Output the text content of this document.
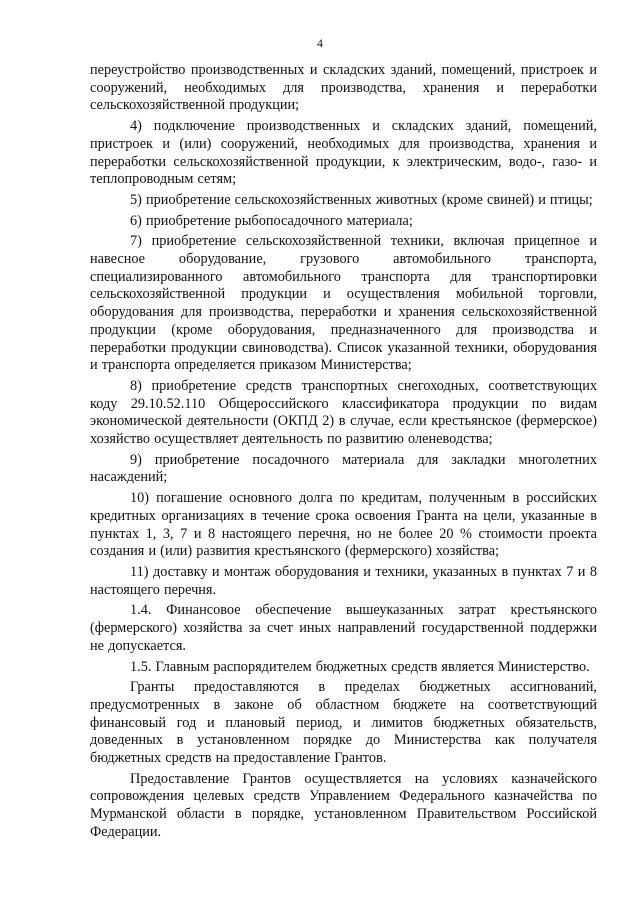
4

переустройство производственных и складских зданий, помещений, пристроек и сооружений, необходимых для производства, хранения и переработки сельскохозяйственной продукции;

4) подключение производственных и складских зданий, помещений, пристроек и (или) сооружений, необходимых для производства, хранения и переработки сельскохозяйственной продукции, к электрическим, водо-, газо- и теплопроводным сетям;

5) приобретение сельскохозяйственных животных (кроме свиней) и птицы;

6) приобретение рыбопосадочного материала;

7) приобретение сельскохозяйственной техники, включая прицепное и навесное оборудование, грузового автомобильного транспорта, специализированного автомобильного транспорта для транспортировки сельскохозяйственной продукции и осуществления мобильной торговли, оборудования для производства, переработки и хранения сельскохозяйственной продукции (кроме оборудования, предназначенного для производства и переработки продукции свиноводства). Список указанной техники, оборудования и транспорта определяется приказом Министерства;

8) приобретение средств транспортных снегоходных, соответствующих коду 29.10.52.110 Общероссийского классификатора продукции по видам экономической деятельности (ОКПД 2) в случае, если крестьянское (фермерское) хозяйство осуществляет деятельность по развитию оленеводства;

9) приобретение посадочного материала для закладки многолетних насаждений;

10) погашение основного долга по кредитам, полученным в российских кредитных организациях в течение срока освоения Гранта на цели, указанные в пунктах 1, 3, 7 и 8 настоящего перечня, но не более 20 % стоимости проекта создания и (или) развития крестьянского (фермерского) хозяйства;

11) доставку и монтаж оборудования и техники, указанных в пунктах 7 и 8 настоящего перечня.

1.4. Финансовое обеспечение вышеуказанных затрат крестьянского (фермерского) хозяйства за счет иных направлений государственной поддержки не допускается.

1.5. Главным распорядителем бюджетных средств является Министерство.

Гранты предоставляются в пределах бюджетных ассигнований, предусмотренных в законе об областном бюджете на соответствующий финансовый год и плановый период, и лимитов бюджетных обязательств, доведенных в установленном порядке до Министерства как получателя бюджетных средств на предоставление Грантов.

Предоставление Грантов осуществляется на условиях казначейского сопровождения целевых средств Управлением Федерального казначейства по Мурманской области в порядке, установленном Правительством Российской Федерации.
